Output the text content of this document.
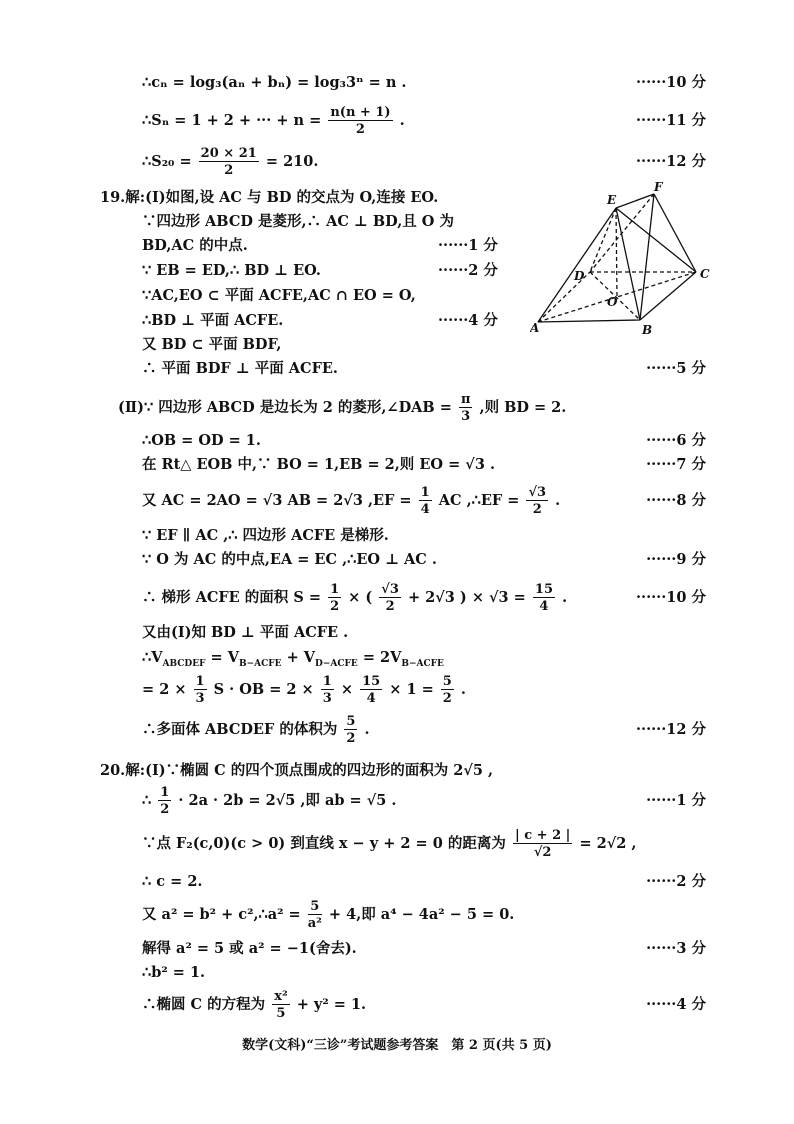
∴cₙ = log₃(aₙ + bₙ) = log₃3ⁿ = n .	······10 分
∴Sₙ = 1 + 2 + ··· + $n = \frac{n(n + 1)}{2}$ .	······11 分
∴S₂₀ = $\frac{20 \times 21}{2} = 210$.	······12 分
19.解:(Ⅰ)如图,设 AC 与 BD 的交点为 O,连接 EO.
∵四边形 ABCD 是菱形,∴ AC ⊥ BD,且 O 为
BD,AC 的中点.	······1 分
∵ EB = ED,∴ BD ⊥ EO.	······2 分
∵AC,EO ⊂ 平面 ACFE,AC ∩ EO = O,
∴BD ⊥ 平面 ACFE.	······4 分
又 BD ⊂ 平面 BDF,
∴ 平面 BDF ⊥ 平面 ACFE.	······5 分
A	B
C
D
E
F
O
(Ⅱ)∵ 四边形 ABCD 是边长为 2 的菱形,∠DAB = $\frac{\pi}{3}$ ,则 BD = 2.
∴OB = OD = 1.	······6 分
在 Rt△ EOB 中,∵ BO = 1,EB = 2,则 EO = √3 .	······7 分
又 AC = 2AO = √3 AB = 2√3 $,EF = \frac{1}{4}$ AC ,∴EF = $\frac{√3}{2}$ .	······8 分
∵ EF ∥ AC ,∴ 四边形 ACFE 是梯形.
∵ O 为 AC 的中点,EA = EC ,∴EO ⊥ AC .	······9 分
∴ 梯形 ACFE 的面积 $S = \frac{1}{2}$ × ( $\frac{√3}{2} + 2√3$ ) × $√3 = \frac{15}{4}$ .	······10 分
又由(Ⅰ)知 BD ⊥ 平面 ACFE .
$\therefore V_{ABCDEF} = V_{B-ACFE} + V_{D-ACFE} = 2V_{B-ACFE}$
= $2 \times \frac{1}{3}$ S · OB = $2 \times \frac{1}{3} \times \frac{15}{4} \times 1 = \frac{5}{2}$ .
∴多面体 ABCDEF 的体积为 $\frac{5}{2}$ .	······12 分
20.解:(Ⅰ)∵椭圆 C 的四个顶点围成的四边形的面积为 2√5 ,
∴ $\frac{1}{2} \cdot 2a \cdot 2b = 2√5$ ,即 ab = √5 .	······1 分
∵点 F₂(c,0)(c > 0) 到直线 x − y + 2 = 0 的距离为 $\frac{| c + 2 |}{√2} = 2√2$ ,
∴ c = 2.	······2 分
又 a² = b² + c²,∴a² = $\frac{5}{\text{a²}} + 4$,即 a⁴ − 4a² − 5 = 0.
解得 a² = 5 或 a² = −1(舍去).	······3 分
∴b² = 1.
∴椭圆 C 的方程为 $\frac{\text{x²}}{5} + y^2 = 1$.	······4 分
数学(文科)“三诊”考试题参考答案　第 2 页(共 5 页)
